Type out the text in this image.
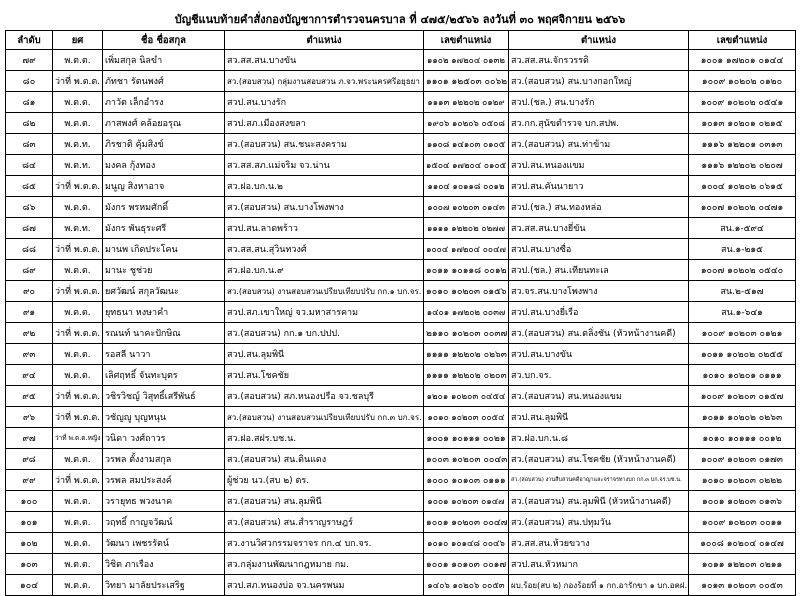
บัญชีแนบท้ายคำสั่งกองบัญชาการตำรวจนครบาล ที่ ๔๗๕/๒๕๖๖ ลงวันที่ ๓๐ พฤศจิกายน ๒๕๖๖
ลำดับ	ยศ	ชื่อ ชื่อสกุล	ตำแหน่ง	เลขตำแหน่ง	ตำแหน่ง	เลขตำแหน่ง
๗๙	พ.ต.ต.	เพิ่มสกุล นิลขำ	สว.สส.สน.บางขัน	๑๑๐๒ ๑๗๒๐๔ ๐๑๓๒	สว.สส.สน.จักรวรรดิ	๑๐๐๑ ๑๗๒๐๑ ๐๑๔๔
๘๐	ว่าที่ พ.ต.ต.	ภัทชา รัตนพงศ์	สว.(สอบสวน) กลุ่มงานสอบสวน ภ.จว.พระนครศรีอยุธยา	๑๑๐๑ ๑๒๕๐๓ ๐๐๖๒	สว.(สอบสวน) สน.บางกอกใหญ่	๑๐๐๙ ๑๐๒๐๒ ๐๑๒๐
๘๑	พ.ต.ต.	ภาวัต เล็กอำรง	สวป.สน.บางรัก	๑๑๑๓ ๑๒๒๐๒ ๐๑๒๙	สวป.(ชล.) สน.บางรัก	๑๐๐๙ ๑๐๒๐๒ ๐๕๔๑
๘๒	พ.ต.ต.	ภาสพงศ์ คล้อยอรุณ	สวป.สภ.เมืองสงขลา	๑๙๐๖ ๑๐๒๐๖ ๐๕๐๘	สว.กก.สุนัขตำรวจ บก.สปพ.	๑๐๑๓ ๑๐๒๐๑ ๐๒๑๕
๘๓	พ.ต.ท.	ภิรชาติ คุ้มสิงข์	สว.(สอบสวน) สน.ชนะสงคราม	๑๑๐๘ ๑๔๑๐๓ ๐๑๐๕	สว.(สอบสวน) สน.ท่าข้าม	๑๑๑๖ ๑๒๒๐๑ ๐๓๑๓
๘๔	พ.ต.ท.	มงคล กุ้งทอง	สว.สส.สภ.แม่จริม จว.น่าน	๑๕๐๔ ๑๗๒๐๔ ๐๑๐๕	สวป.สน.หนองแขม	๑๑๑๖ ๑๒๒๐๒ ๐๒๐๗
๘๕	ว่าที่ พ.ต.ต.	มนูญ สิงหาอาจ	สว.ฝอ.บก.น.๒	๑๑๐๔ ๑๐๑๑๘ ๐๐๑๒	สวป.สน.คันนายาว	๑๐๐๔ ๑๐๒๐๒ ๐๖๑๕
๘๖	พ.ต.ต.	มังกร พรหมศักดิ์	สว.(สอบสวน) สน.บางโพงพาง	๑๐๐๗ ๑๐๒๐๓ ๐๑๔๓	สวป.(ชล.) สน.ทองหล่อ	๑๐๐๗ ๑๐๒๐๒ ๐๔๗๑
๘๗	พ.ต.ท.	มังกร พันธุระศรี	สวป.สน.ลาดพร้าว	๑๑๑๑ ๑๒๒๐๒ ๐๒๗๗	สว.สส.สน.บางยี่ขัน	สน.๑-๕๙๔
๘๘	ว่าที่ พ.ต.ต.	มานพ เกิดประโคน	สว.สส.สน.สุวินทวงศ์	๑๐๐๔ ๑๗๒๐๔ ๐๐๔๗	สวป.สน.บางซื่อ	สน.๑-๒๑๕
๘๙	พ.ต.ต.	มานะ ชูช่วย	สว.ฝอ.บก.น.๙	๑๐๑๑ ๑๐๑๑๘ ๐๐๑๒	สวป.(ชล.) สน.เทียนทะเล	๑๐๐๗ ๑๐๒๐๒ ๐๕๔๐
๙๐	ว่าที่ พ.ต.ต.	ยศวัฒน์ สกุลวัฒนะ	สว.(สอบสวน) งานสอบสวนเปรียบเทียบปรับ กก.๑ บก.จร.	๑๐๑๐ ๑๐๒๐๓ ๐๑๕๖	สว.จร.สน.บางโพงพาง	สน.๒-๕๑๗
๙๑	พ.ต.ต.	ยุทธนา หงษาคำ	สวป.สภ.เขาใหญ่ จว.มหาสารคาม	๑๔๐๑ ๑๗๒๐๒ ๐๐๓๗	สวป.สน.บางยี่เรือ	สน.๑-๖๔๑
๙๒	ว่าที่ พ.ต.ต.	รณนท์ นาคะปักษิณ	สว.(สอบสวน) กก.๑ บก.ปปป.	๒๑๑๐ ๑๐๒๐๓ ๐๐๓๗	สว.(สอบสวน) สน.ตลิ่งชัน (หัวหน้างานคดี)	๑๐๐๙ ๑๐๒๐๓ ๐๑๒๑
๙๓	พ.ต.ต.	รอสลี นาวา	สวป.สน.ลุมพินี	๑๑๑๑ ๑๒๒๐๒ ๐๒๖๓	สวป.สน.บางขัน	๑๐๑๑ ๑๐๒๐๒ ๐๒๕๕
๙๔	พ.ต.ต.	เลิศฤทธิ์ จันทะบุตร	สวป.สน.โชคชัย	๑๑๑๑ ๑๒๒๐๒ ๐๒๐๓	สว.บก.จร.	๑๐๑๐ ๑๐๒๐๑ ๐๑๑๑
๙๕	ว่าที่ พ.ต.ต.	วชิรวิชญ์ วิสุทธิ์เสรีพันธ์	สว.(สอบสวน) สภ.หนองปรือ จว.ชลบุรี	๑๒๐๑ ๑๐๒๐๓ ๐๔๕๔	สว.(สอบสวน) สน.หนองแขม	๑๐๐๙ ๑๐๒๐๓ ๐๑๕๗
๙๖	ว่าที่ พ.ต.ต.	วชัญญู บุญหนุน	สว.(สอบสวน) งานสอบสวนเปรียบเทียบปรับ กก.๓ บก.จร.	๑๐๑๐ ๑๐๒๐๓ ๐๐๕๔	สวป.สน.ลุมพินี	๑๐๑๑ ๑๐๒๐๒ ๐๒๖๓
๙๗	ว่าที่ พ.ต.ต.หญิง	วนิดา วงศ์ถาวร	สว.ฝอ.สฝร.บช.น.	๑๐๐๑ ๑๐๑๑๑ ๐๐๒๑	สว.ฝอ.บก.น.๘	๑๐๑๐ ๑๐๑๑๑ ๐๐๑๒
๙๘	พ.ต.ต.	วรพล ตั้งงามสกุล	สว.(สอบสวน) สน.ดินแดง	๑๐๐๓ ๑๐๒๐๓ ๐๐๔๓	สว.(สอบสวน) สน.โชคชัย (หัวหน้างานคดี)	๑๐๐๙ ๑๐๒๐๓ ๐๑๗๓
๙๙	ว่าที่ พ.ต.ต.	วรพล สมประสงค์	ผู้ช่วย นว.(สบ ๒) ตร.	๑๐๐๐ ๑๐๑๐๓ ๐๑๑๑	สว.(สอบสวน) งานสืบสวนคดีอาญาและจราจรทางบก กก.๓ บก.จร.บช.น.	๑๐๑๐ ๑๐๒๐๓ ๐๒๒๒
๑๐๐	พ.ต.ต.	วรายุทธ พวงนาค	สว.(สอบสวน) สน.ลุมพินี	๑๐๐๑ ๑๐๒๐๓ ๐๑๔๗	สว.(สอบสวน) สน.ลุมพินี (หัวหน้างานคดี)	๑๐๐๑ ๑๐๒๐๓ ๐๑๓๖
๑๐๑	พ.ต.ต.	วฤทธิ์ กาญจวัฒน์	สว.(สอบสวน) สน.สำราญราษฎร์	๑๐๐๑ ๑๐๒๐๓ ๐๐๔๗	สว.(สอบสวน) สน.ปทุมวัน	๑๐๐๙ ๑๐๒๐๓ ๐๐๑๑
๑๐๒	พ.ต.ต.	วัฒนา เพชรรัตน์	สว.งานวิศวกรรมจราจร กก.๔ บก.จร.	๑๐๑๐ ๑๐๑๔๘ ๐๐๔๖	สว.สส.สน.ห้วยขวาง	๑๐๐๘ ๑๐๒๐๔ ๐๑๔๗
๑๐๓	พ.ต.ต.	วิชิต ภาเรือง	สว.กลุ่มงานพัฒนากฎหมาย กม.	๑๐๐๑ ๑๐๑๐๓ ๐๐๑๗	สวป.สน.หัวหมาก	๑๐๑๑ ๑๒๒๐๓ ๐๒๑๑
๑๐๔	พ.ต.ต.	วิทยา มาลัยประเสริฐ	สวป.สภ.หนองบ่อ จว.นครพนม	๑๔๐๖ ๑๐๒๐๖ ๐๐๕๓	ผบ.ร้อย(สบ ๒) กองร้อยที่ ๑ กก.อารักขา ๑ บก.อคฝ.	๑๐๑๓ ๑๐๒๐๓ ๐๐๕๓
